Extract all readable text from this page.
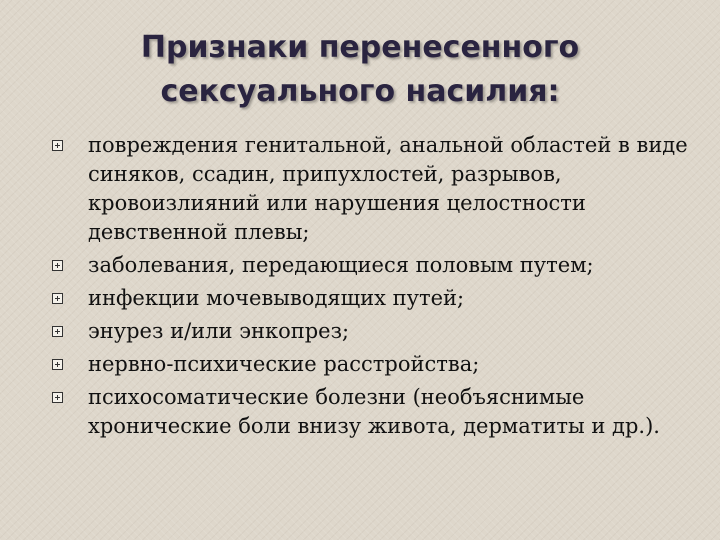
Признаки перенесенного
сексуального насилия:
повреждения генитальной, анальной областей в виде синяков, ссадин, припухлостей, разрывов, кровоизлияний или нарушения целостности девственной плевы;
заболевания, передающиеся половым путем;
инфекции мочевыводящих путей;
энурез и/или энкопрез;
нервно-психические расстройства;
психосоматические болезни (необъяснимые хронические боли внизу живота, дерматиты и др.).
